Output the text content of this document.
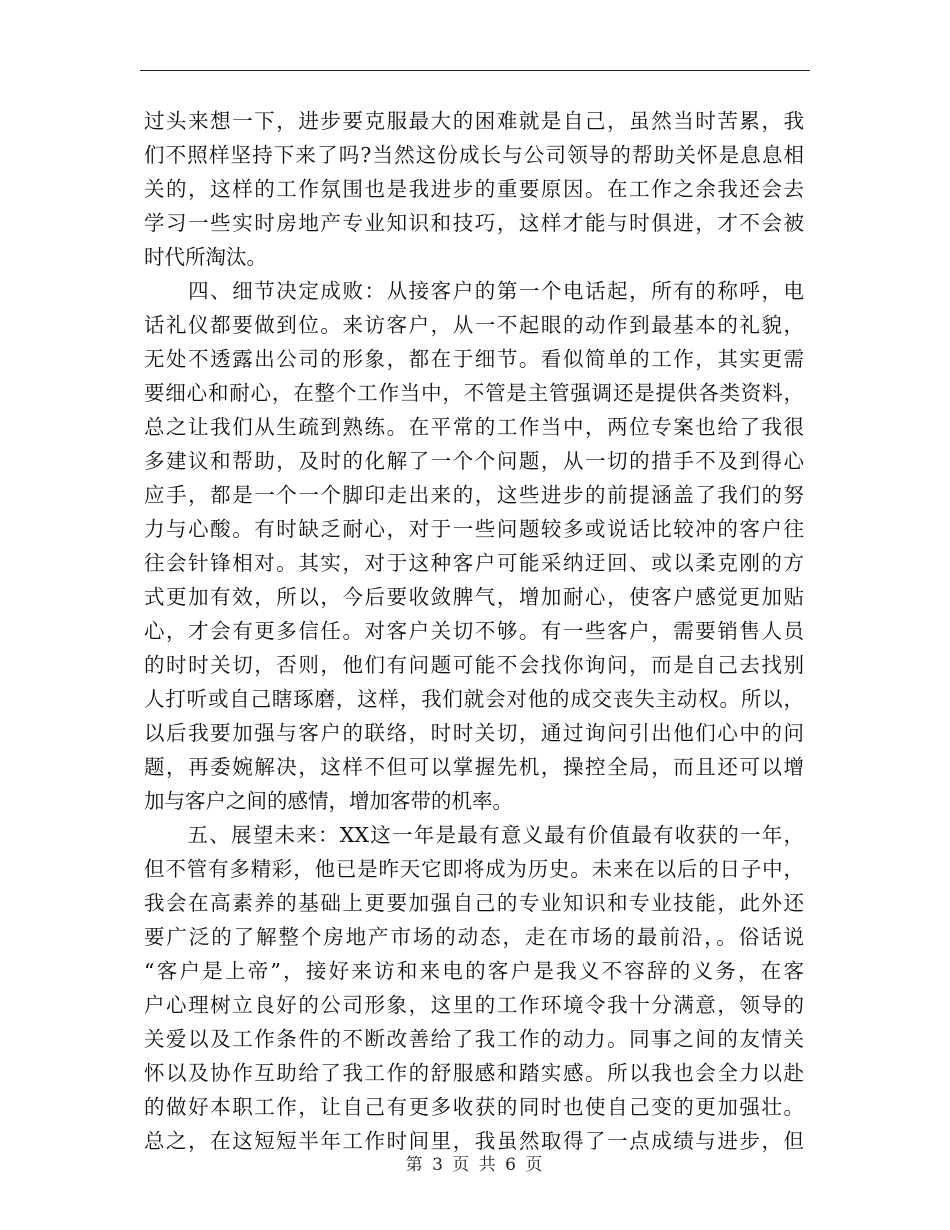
过头来想一下，进步要克服最大的困难就是自己，虽然当时苦累，我
们不照样坚持下来了吗?当然这份成长与公司领导的帮助关怀是息息相
关的，这样的工作氛围也是我进步的重要原因。在工作之余我还会去
学习一些实时房地产专业知识和技巧，这样才能与时俱进，才不会被
时代所淘汰。
　　四、细节决定成败：从接客户的第一个电话起，所有的称呼，电
话礼仪都要做到位。来访客户，从一不起眼的动作到最基本的礼貌，
无处不透露出公司的形象，都在于细节。看似简单的工作，其实更需
要细心和耐心，在整个工作当中，不管是主管强调还是提供各类资料，
总之让我们从生疏到熟练。在平常的工作当中，两位专案也给了我很
多建议和帮助，及时的化解了一个个问题，从一切的措手不及到得心
应手，都是一个一个脚印走出来的，这些进步的前提涵盖了我们的努
力与心酸。有时缺乏耐心，对于一些问题较多或说话比较冲的客户往
往会针锋相对。其实，对于这种客户可能采纳迂回、或以柔克刚的方
式更加有效，所以，今后要收敛脾气，增加耐心，使客户感觉更加贴
心，才会有更多信任。对客户关切不够。有一些客户，需要销售人员
的时时关切，否则，他们有问题可能不会找你询问，而是自己去找别
人打听或自己瞎琢磨，这样，我们就会对他的成交丧失主动权。所以，
以后我要加强与客户的联络，时时关切，通过询问引出他们心中的问
题，再委婉解决，这样不但可以掌握先机，操控全局，而且还可以增
加与客户之间的感情，增加客带的机率。
　　五、展望未来：XX这一年是最有意义最有价值最有收获的一年，
但不管有多精彩，他已是昨天它即将成为历史。未来在以后的日子中，
我会在高素养的基础上更要加强自己的专业知识和专业技能，此外还
要广泛的了解整个房地产市场的动态，走在市场的最前沿，。俗话说
“客户是上帝”，接好来访和来电的客户是我义不容辞的义务，在客
户心理树立良好的公司形象，这里的工作环境令我十分满意，领导的
关爱以及工作条件的不断改善给了我工作的动力。同事之间的友情关
怀以及协作互助给了我工作的舒服感和踏实感。所以我也会全力以赴
的做好本职工作，让自己有更多收获的同时也使自己变的更加强壮。
总之，在这短短半年工作时间里，我虽然取得了一点成绩与进步，但
第 3 页 共 6 页
